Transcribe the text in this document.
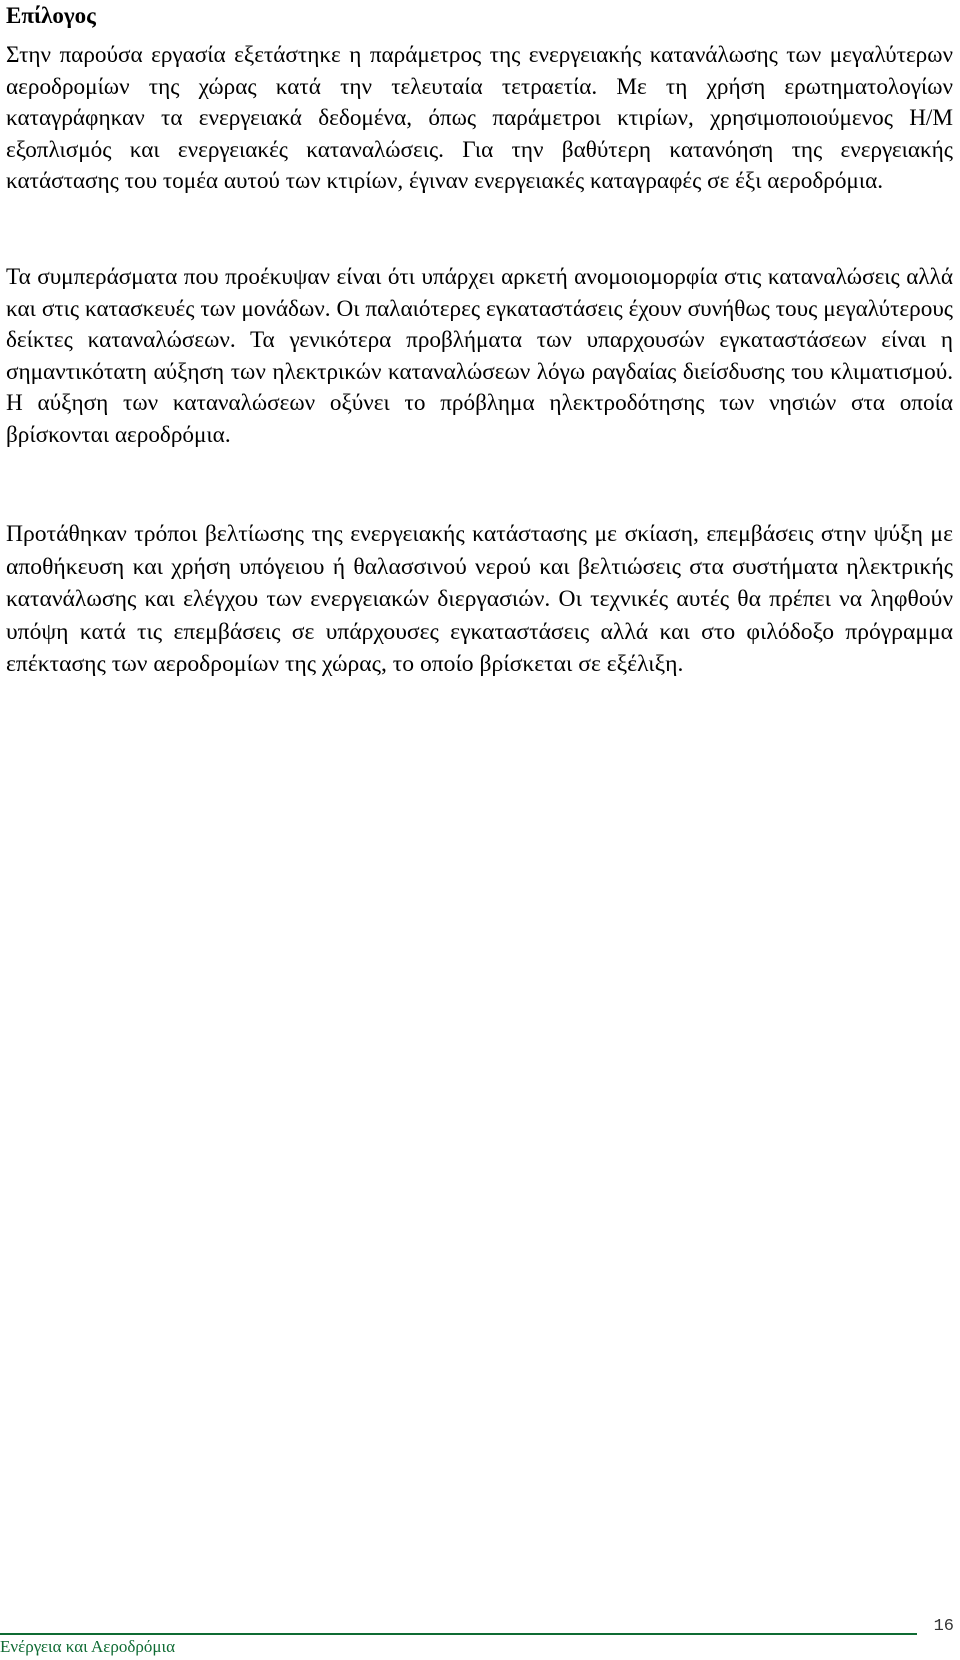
Επίλογος

Στην παρούσα εργασία εξετάστηκε η παράμετρος της ενεργειακής κατανάλωσης των μεγαλύτερων αεροδρομίων της χώρας κατά την τελευταία τετραετία. Με τη χρήση ερωτηματολογίων καταγράφηκαν τα ενεργειακά δεδομένα, όπως παράμετροι κτιρίων, χρησιμοποιούμενος Η/Μ εξοπλισμός και ενεργειακές καταναλώσεις. Για την βαθύτερη κατανόηση της ενεργειακής κατάστασης του τομέα αυτού των κτιρίων, έγιναν ενεργειακές καταγραφές σε έξι αεροδρόμια.

Τα συμπεράσματα που προέκυψαν είναι ότι υπάρχει αρκετή ανομοιομορφία στις καταναλώσεις αλλά και στις κατασκευές των μονάδων. Οι παλαιότερες εγκαταστάσεις έχουν συνήθως τους μεγαλύτερους δείκτες καταναλώσεων. Τα γενικότερα προβλήματα των υπαρχουσών εγκαταστάσεων είναι η σημαντικότατη αύξηση των ηλεκτρικών καταναλώσεων λόγω ραγδαίας διείσδυσης του κλιματισμού. Η αύξηση των καταναλώσεων οξύνει το πρόβλημα ηλεκτροδότησης των νησιών στα οποία βρίσκονται αεροδρόμια.

Προτάθηκαν τρόποι βελτίωσης της ενεργειακής κατάστασης με σκίαση, επεμβάσεις στην ψύξη με αποθήκευση και χρήση υπόγειου ή θαλασσινού νερού και βελτιώσεις στα συστήματα ηλεκτρικής κατανάλωσης και ελέγχου των ενεργειακών διεργασιών. Οι τεχνικές αυτές θα πρέπει να ληφθούν υπόψη κατά τις επεμβάσεις σε υπάρχουσες εγκαταστάσεις αλλά και στο φιλόδοξο πρόγραμμα επέκτασης των αεροδρομίων της χώρας, το οποίο βρίσκεται σε εξέλιξη.

Ενέργεια και Αεροδρόμια
16
